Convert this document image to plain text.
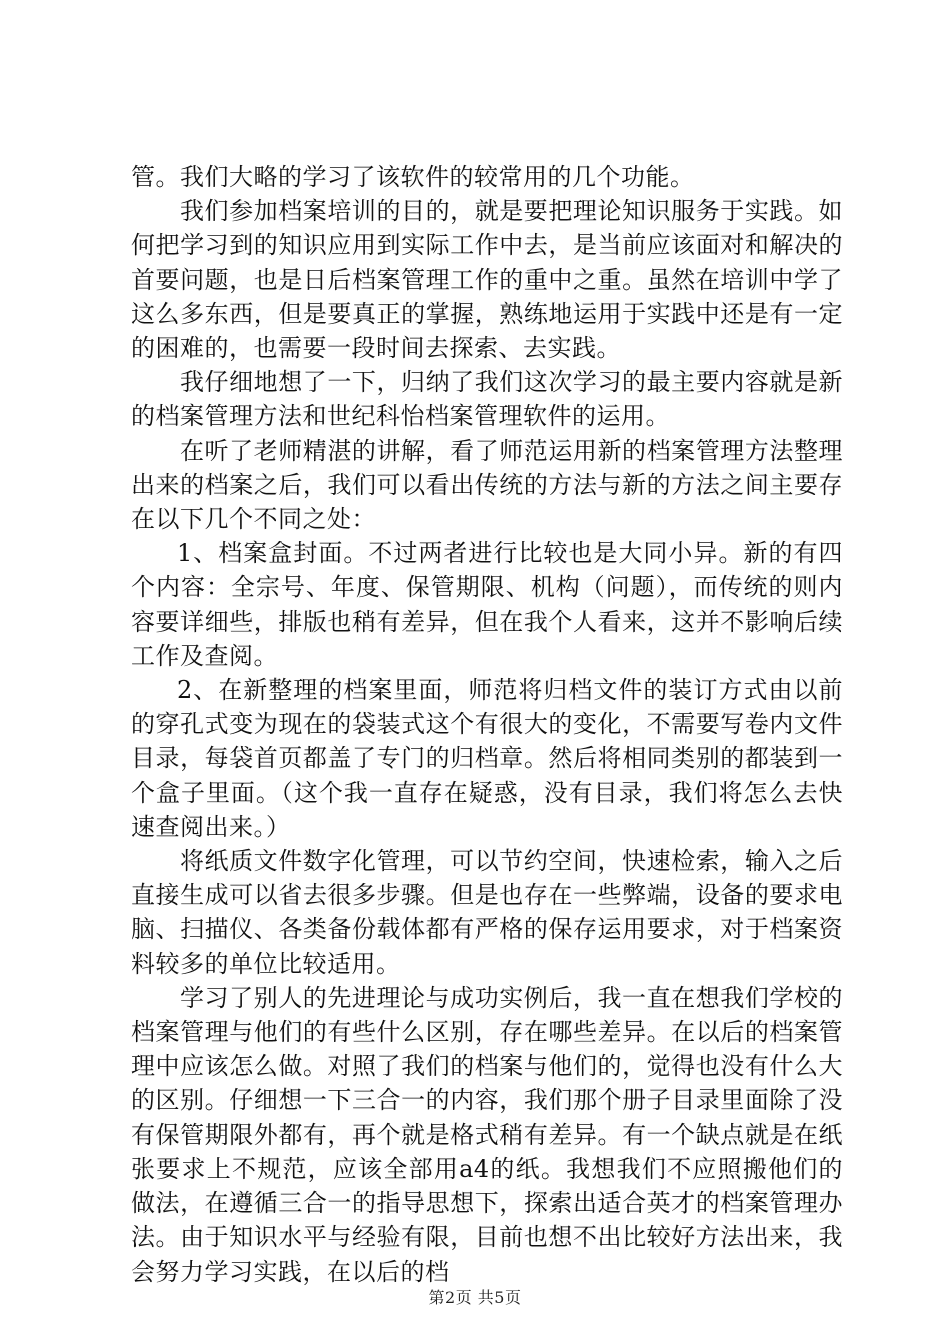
管。我们大略的学习了该软件的较常用的几个功能。

我们参加档案培训的目的，就是要把理论知识服务于实践。如何把学习到的知识应用到实际工作中去，是当前应该面对和解决的首要问题，也是日后档案管理工作的重中之重。虽然在培训中学了这么多东西，但是要真正的掌握，熟练地运用于实践中还是有一定的困难的，也需要一段时间去探索、去实践。

我仔细地想了一下，归纳了我们这次学习的最主要内容就是新的档案管理方法和世纪科怡档案管理软件的运用。

在听了老师精湛的讲解，看了师范运用新的档案管理方法整理出来的档案之后，我们可以看出传统的方法与新的方法之间主要存在以下几个不同之处：

1、档案盒封面。不过两者进行比较也是大同小异。新的有四个内容：全宗号、年度、保管期限、机构（问题），而传统的则内容要详细些，排版也稍有差异，但在我个人看来，这并不影响后续工作及查阅。

2、在新整理的档案里面，师范将归档文件的装订方式由以前的穿孔式变为现在的袋装式这个有很大的变化，不需要写卷内文件目录，每袋首页都盖了专门的归档章。然后将相同类别的都装到一个盒子里面。（这个我一直存在疑惑，没有目录，我们将怎么去快速查阅出来。）

将纸质文件数字化管理，可以节约空间，快速检索，输入之后直接生成可以省去很多步骤。但是也存在一些弊端，设备的要求电脑、扫描仪、各类备份载体都有严格的保存运用要求，对于档案资料较多的单位比较适用。

学习了别人的先进理论与成功实例后，我一直在想我们学校的档案管理与他们的有些什么区别，存在哪些差异。在以后的档案管理中应该怎么做。对照了我们的档案与他们的，觉得也没有什么大的区别。仔细想一下三合一的内容，我们那个册子目录里面除了没有保管期限外都有，再个就是格式稍有差异。有一个缺点就是在纸张要求上不规范，应该全部用a4的纸。我想我们不应照搬他们的做法，在遵循三合一的指导思想下，探索出适合英才的档案管理办法。由于知识水平与经验有限，目前也想不出比较好方法出来，我会努力学习实践，在以后的档

第2页 共5页
